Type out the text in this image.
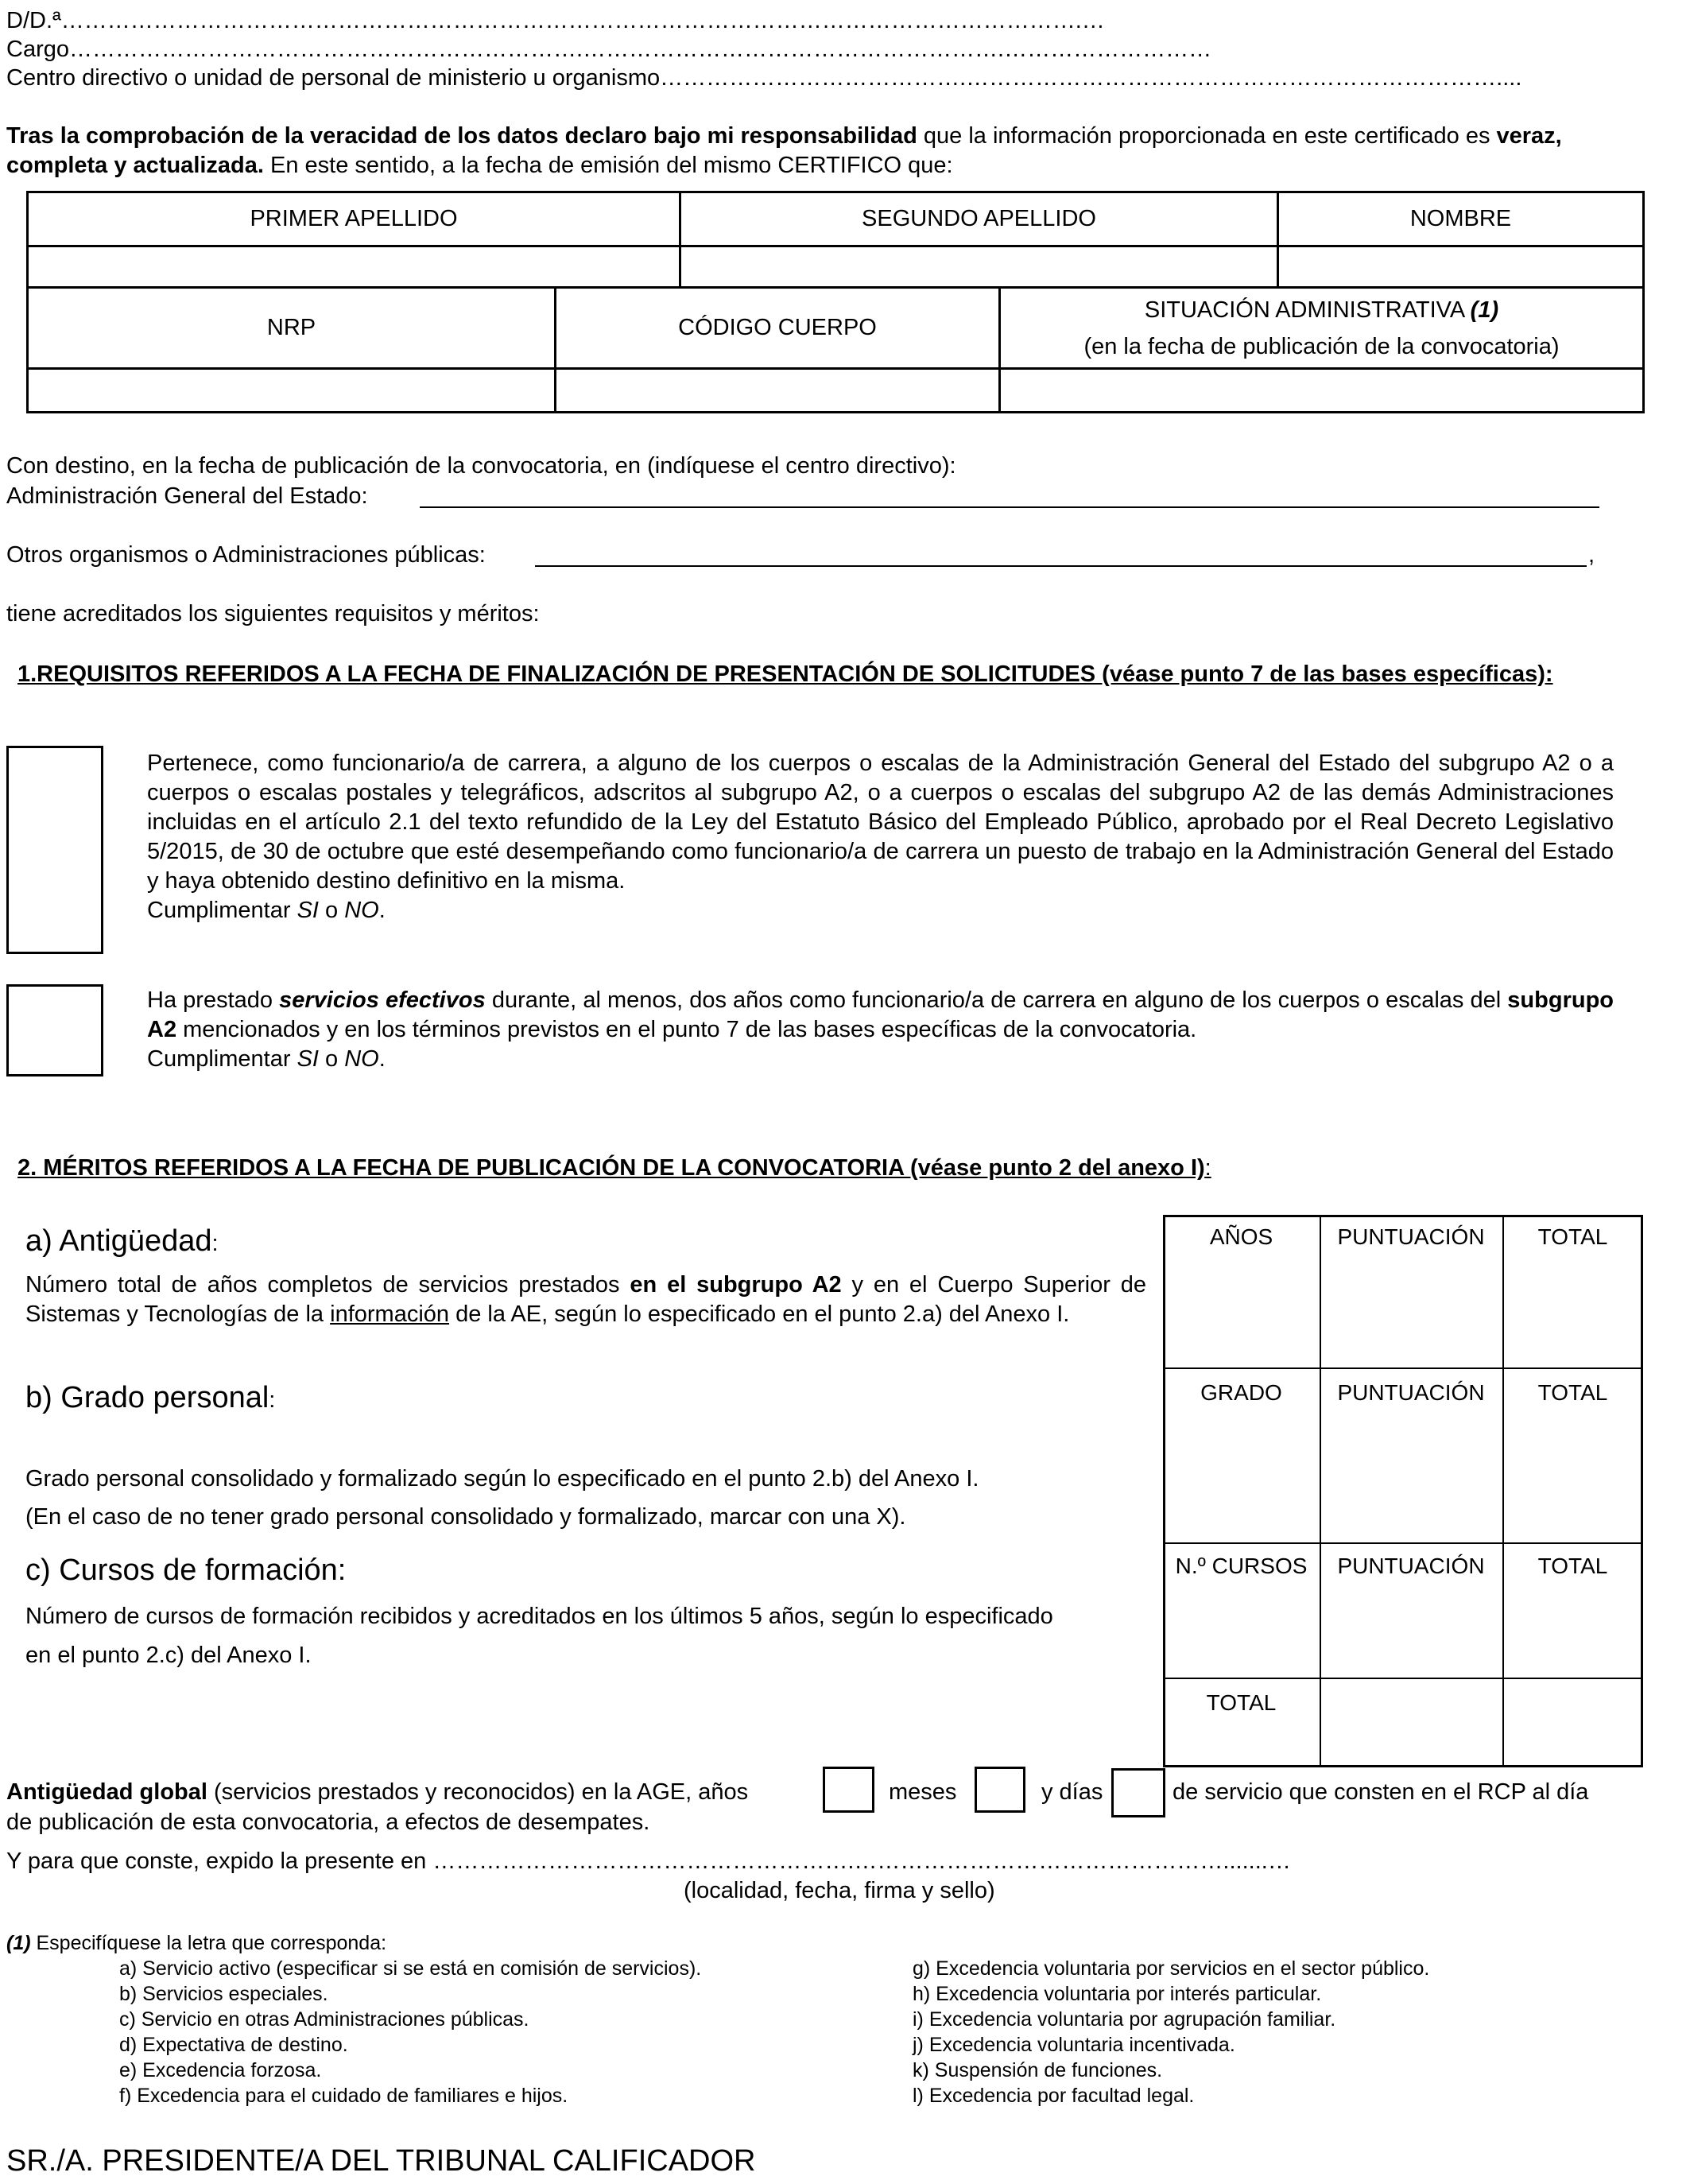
D/D.ª…………………………………………………………………………………………………………………….…
Cargo………………………………………………………….……………………………………………….………………………
Centro directivo o unidad de personal de ministerio u organismo………………………………….……………………………………………………………....
Tras la comprobación de la veracidad de los datos declaro bajo mi responsabilidad que la información proporcionada en este certificado es veraz, completa y actualizada. En este sentido, a la fecha de emisión del mismo CERTIFICO que:
PRIMER APELLIDO	SEGUNDO APELLIDO	NOMBRE

NRP	CÓDIGO CUERPO	SITUACIÓN ADMINISTRATIVA (1)
(en la fecha de publicación de la convocatoria)

Con destino, en la fecha de publicación de la convocatoria, en (indíquese el centro directivo):
Administración General del Estado:
Otros organismos o Administraciones públicas:	,
tiene acreditados los siguientes requisitos y méritos:
1.REQUISITOS REFERIDOS A LA FECHA DE FINALIZACIÓN DE PRESENTACIÓN DE SOLICITUDES (véase punto 7 de las bases específicas):
Pertenece, como funcionario/a de carrera, a alguno de los cuerpos o escalas de la Administración General del Estado del subgrupo A2 o a cuerpos o escalas postales y telegráficos, adscritos al subgrupo A2, o a cuerpos o escalas del subgrupo A2 de las demás Administraciones incluidas en el artículo 2.1 del texto refundido de la Ley del Estatuto Básico del Empleado Público, aprobado por el Real Decreto Legislativo 5/2015, de 30 de octubre que esté desempeñando como funcionario/a de carrera un puesto de trabajo en la Administración General del Estado y haya obtenido destino definitivo en la misma.
Cumplimentar SI o NO.
Ha prestado servicios efectivos durante, al menos, dos años como funcionario/a de carrera en alguno de los cuerpos o escalas del subgrupo A2 mencionados y en los términos previstos en el punto 7 de las bases específicas de la convocatoria.
Cumplimentar SI o NO.
2. MÉRITOS REFERIDOS A LA FECHA DE PUBLICACIÓN DE LA CONVOCATORIA (véase punto 2 del anexo I):
a) Antigüedad:
Número total de años completos de servicios prestados en el subgrupo A2 y en el Cuerpo Superior de Sistemas y Tecnologías de la información de la AE, según lo especificado en el punto 2.a) del Anexo I.
b) Grado personal:
Grado personal consolidado y formalizado según lo especificado en el punto 2.b) del Anexo I.
(En el caso de no tener grado personal consolidado y formalizado, marcar con una X).
c) Cursos de formación:
Número de cursos de formación recibidos y acreditados en los últimos 5 años, según lo especificado
en el punto 2.c) del Anexo I.
AÑOS	PUNTUACIÓN	TOTAL
GRADO	PUNTUACIÓN	TOTAL
N.º CURSOS	PUNTUACIÓN	TOTAL
TOTAL
Antigüedad global (servicios prestados y reconocidos) en la AGE, años	meses	y días	de servicio que consten en el RCP al día
de publicación de esta convocatoria, a efectos de desempates.
Y para que conste, expido la presente en ……………………………………………….………………………………………….......…
(localidad, fecha, firma y sello)
(1) Especifíquese la letra que corresponda:
a) Servicio activo (especificar si se está en comisión de servicios).
b) Servicios especiales.
c) Servicio en otras Administraciones públicas.
d) Expectativa de destino.
e) Excedencia forzosa.
f) Excedencia para el cuidado de familiares e hijos.
g) Excedencia voluntaria por servicios en el sector público.
h) Excedencia voluntaria por interés particular.
i) Excedencia voluntaria por agrupación familiar.
j) Excedencia voluntaria incentivada.
k) Suspensión de funciones.
l) Excedencia por facultad legal.
SR./A. PRESIDENTE/A DEL TRIBUNAL CALIFICADOR
